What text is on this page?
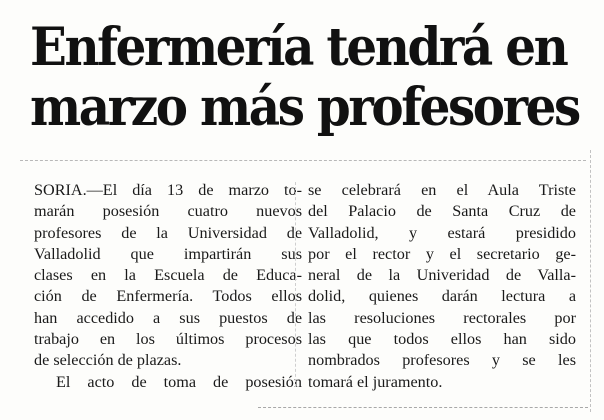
Enfermería tendrá en
marzo más profesores
SORIA.—El día 13 de marzo to-
marán posesión cuatro nuevos
profesores de la Universidad de
Valladolid que impartirán sus
clases en la Escuela de Educa-
ción de Enfermería. Todos ellos
han accedido a sus puestos de
trabajo en los últimos procesos
de selección de plazas.
El acto de toma de posesión
se celebrará en el Aula Triste
del Palacio de Santa Cruz de
Valladolid, y estará presidido
por el rector y el secretario ge-
neral de la Univeridad de Valla-
dolid, quienes darán lectura a
las resoluciones rectorales por
las que todos ellos han sido
nombrados profesores y se les
tomará el juramento.
